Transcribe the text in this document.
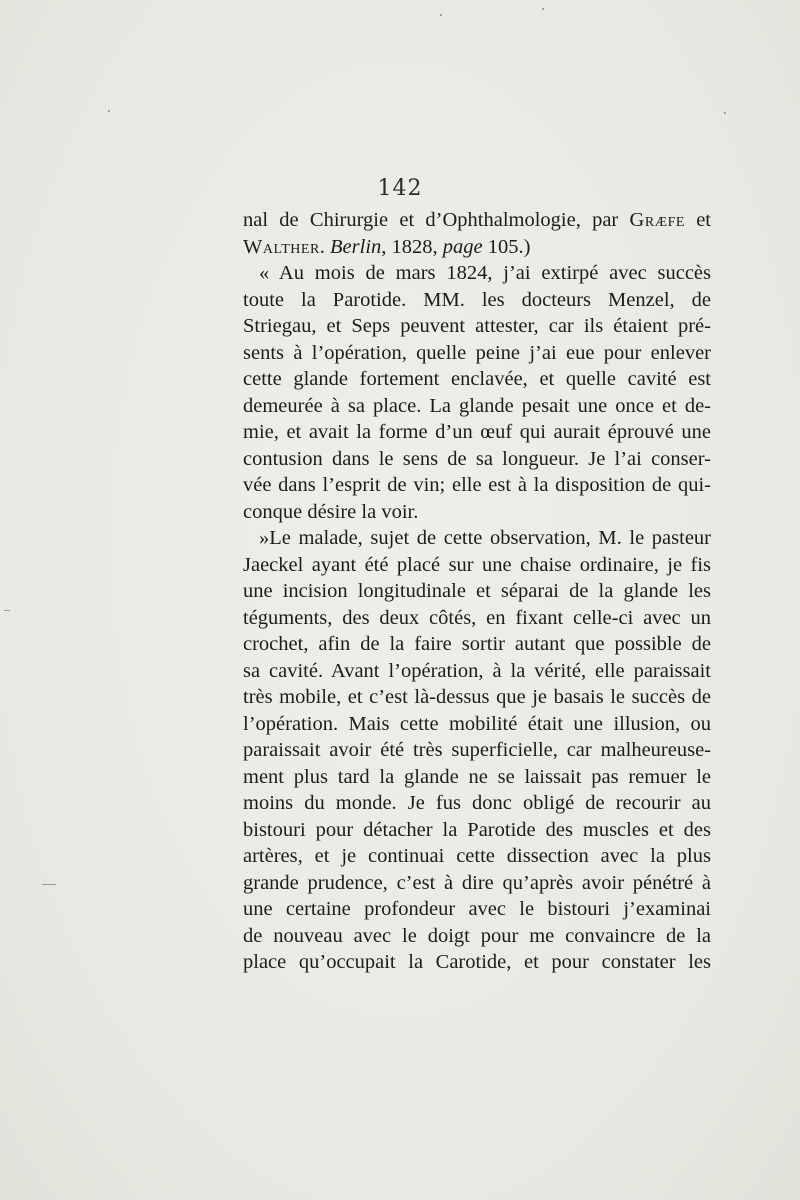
142

nal de Chirurgie et d’Ophthalmologie, par Græfe et
Walther. Berlin, 1828, page 105.)
« Au mois de mars 1824, j’ai extirpé avec succès
toute la Parotide. MM. les docteurs Menzel, de
Striegau, et Seps peuvent attester, car ils étaient pré-
sents à l’opération, quelle peine j’ai eue pour enlever
cette glande fortement enclavée, et quelle cavité est
demeurée à sa place. La glande pesait une once et de-
mie, et avait la forme d’un œuf qui aurait éprouvé une
contusion dans le sens de sa longueur. Je l’ai conser-
vée dans l’esprit de vin; elle est à la disposition de qui-
conque désire la voir.
»Le malade, sujet de cette observation, M. le pasteur
Jaeckel ayant été placé sur une chaise ordinaire, je fis
une incision longitudinale et séparai de la glande les
téguments, des deux côtés, en fixant celle-ci avec un
crochet, afin de la faire sortir autant que possible de
sa cavité. Avant l’opération, à la vérité, elle paraissait
très mobile, et c’est là-dessus que je basais le succès de
l’opération. Mais cette mobilité était une illusion, ou
paraissait avoir été très superficielle, car malheureuse-
ment plus tard la glande ne se laissait pas remuer le
moins du monde. Je fus donc obligé de recourir au
bistouri pour détacher la Parotide des muscles et des
artères, et je continuai cette dissection avec la plus
grande prudence, c’est à dire qu’après avoir pénétré à
une certaine profondeur avec le bistouri j’examinai
de nouveau avec le doigt pour me convaincre de la
place qu’occupait la Carotide, et pour constater les
